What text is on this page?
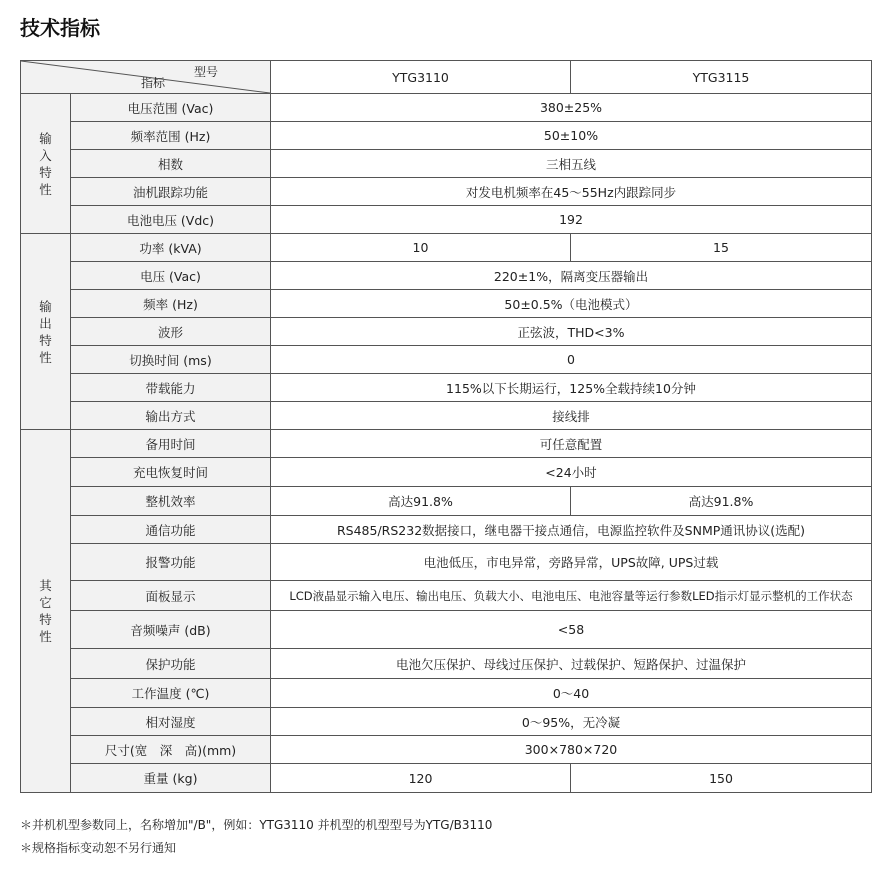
技术指标
型号
指标		YTG3110	YTG3115

输
入
特
性	电压范围 (Vac)	380±25%	
	频率范围 (Hz)	50±10%	
	相数	三相五线	
	油机跟踪功能	对发电机频率在45～55Hz内跟踪同步	
	电池电压 (Vdc)	192	

输
出
特
性	功率 (kVA)	10	15
	电压 (Vac)	220±1%，隔离变压器输出	
	频率 (Hz)	50±0.5%（电池模式）	
	波形	正弦波，THD<3%	
	切换时间 (ms)	0	
	带载能力	115%以下长期运行，125%全载持续10分钟	
	输出方式	接线排	

其
它
特
性	备用时间	可任意配置	
	充电恢复时间	<24小时	
	整机效率	高达91.8%	高达91.8%
	通信功能	RS485/RS232数据接口，继电器干接点通信，电源监控软件及SNMP通讯协议(选配)	
	报警功能	电池低压，市电异常，旁路异常，UPS故障, UPS过载	
	面板显示	LCD液晶显示输入电压、输出电压、负载大小、电池电压、电池容量等运行参数LED指示灯显示整机的工作状态	
	音频噪声 (dB)	<58	
	保护功能	电池欠压保护、母线过压保护、过载保护、短路保护、过温保护	
	工作温度 (℃)	0～40	
	相对湿度	0～95%，无冷凝	
	尺寸(宽　深　高)(mm)	300×780×720	
	重量 (kg)	120	150
＊并机机型参数同上，名称增加"/B"，例如：YTG3110 并机型的机型型号为YTG/B3110
＊规格指标变动恕不另行通知
